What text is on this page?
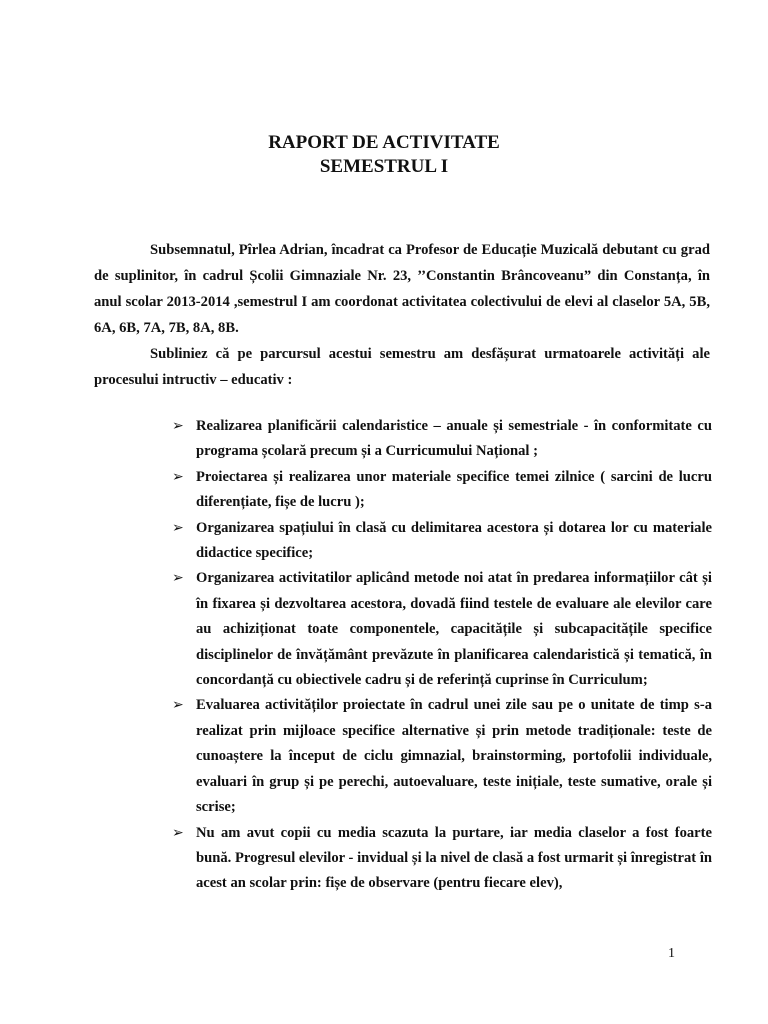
RAPORT DE ACTIVITATE
SEMESTRUL I

Subsemnatul, Pîrlea Adrian, încadrat ca Profesor de Educație Muzicală debutant cu grad de suplinitor, în cadrul Școlii Gimnaziale Nr. 23, ’’Constantin Brâncoveanu” din Constanța, în anul scolar 2013-2014 ,semestrul I am coordonat activitatea colectivului de elevi al claselor 5A, 5B, 6A, 6B, 7A, 7B, 8A, 8B.

Subliniez că pe parcursul acestui semestru am desfășurat urmatoarele activități ale procesului intructiv – educativ :

➢ Realizarea planificării calendaristice – anuale și semestriale - în conformitate cu programa școlară precum și a Curricumului Național ;
➢ Proiectarea și realizarea unor materiale specifice temei zilnice ( sarcini de lucru diferențiate, fișe de lucru );
➢ Organizarea spațiului în clasă cu delimitarea acestora și dotarea lor cu materiale didactice specifice;
➢ Organizarea activitatilor aplicând metode noi atat în predarea informațiilor cât și în fixarea și dezvoltarea acestora, dovadă fiind testele de evaluare ale elevilor care au achiziționat toate componentele, capacitățile și subcapacitățile specifice disciplinelor de învățământ prevăzute în planificarea calendaristică și tematică, în concordanță cu obiectivele cadru și de referință cuprinse în Curriculum;
➢ Evaluarea activităților proiectate în cadrul unei zile sau pe o unitate de timp s-a realizat prin mijloace specifice alternative și prin metode tradiționale: teste de cunoaștere la început de ciclu gimnazial, brainstorming, portofolii individuale, evaluari în grup și pe perechi, autoevaluare, teste inițiale, teste sumative, orale și scrise;
➢ Nu am avut copii cu media scazuta la purtare, iar media claselor a fost foarte bună. Progresul elevilor - invidual și la nivel de clasă a fost urmarit și înregistrat în acest an scolar prin: fișe de observare (pentru fiecare elev),
1
